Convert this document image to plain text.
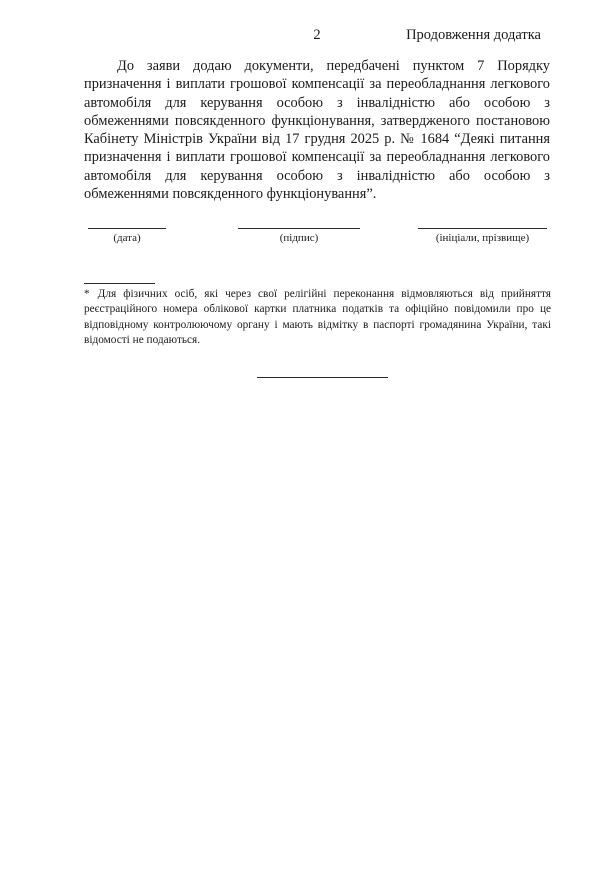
2	Продовження додатка
До заяви додаю документи, передбачені пунктом 7 Порядку призначення і виплати грошової компенсації за переобладнання легкового автомобіля для керування особою з інвалідністю або особою з обмеженнями повсякденного функціонування, затвердженого постановою Кабінету Міністрів України від 17 грудня 2025 р. № 1684 “Деякі питання призначення і виплати грошової компенсації за переобладнання легкового автомобіля для керування особою з інвалідністю або особою з обмеженнями повсякденного функціонування”.
(дата)	(підпис)	(ініціали, прізвище)
* Для фізичних осіб, які через свої релігійні переконання відмовляються від прийняття реєстраційного номера облікової картки платника податків та офіційно повідомили про це відповідному контролюючому органу і мають відмітку в паспорті громадянина України, такі відомості не подаються.
